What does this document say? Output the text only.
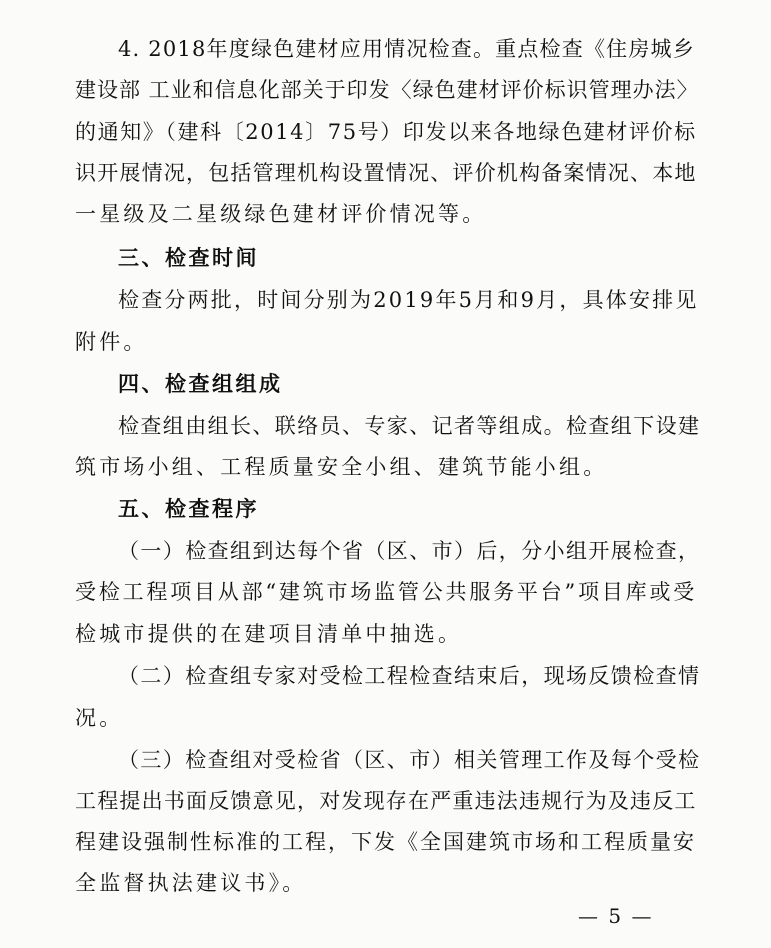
4. 2018年度绿色建材应用情况检查。重点检查《住房城乡
建设部 工业和信息化部关于印发〈绿色建材评价标识管理办法〉
的通知》（建科〔2014〕75号）印发以来各地绿色建材评价标
识开展情况，包括管理机构设置情况、评价机构备案情况、本地
一星级及二星级绿色建材评价情况等。
三、检查时间
检查分两批，时间分别为2019年5月和9月，具体安排见
附件。
四、检查组组成
检查组由组长、联络员、专家、记者等组成。检查组下设建
筑市场小组、工程质量安全小组、建筑节能小组。
五、检查程序
（一）检查组到达每个省（区、市）后，分小组开展检查，
受检工程项目从部“建筑市场监管公共服务平台”项目库或受
检城市提供的在建项目清单中抽选。
（二）检查组专家对受检工程检查结束后，现场反馈检查情
况。
（三）检查组对受检省（区、市）相关管理工作及每个受检
工程提出书面反馈意见，对发现存在严重违法违规行为及违反工
程建设强制性标准的工程，下发《全国建筑市场和工程质量安
全监督执法建议书》。
— 5 —
